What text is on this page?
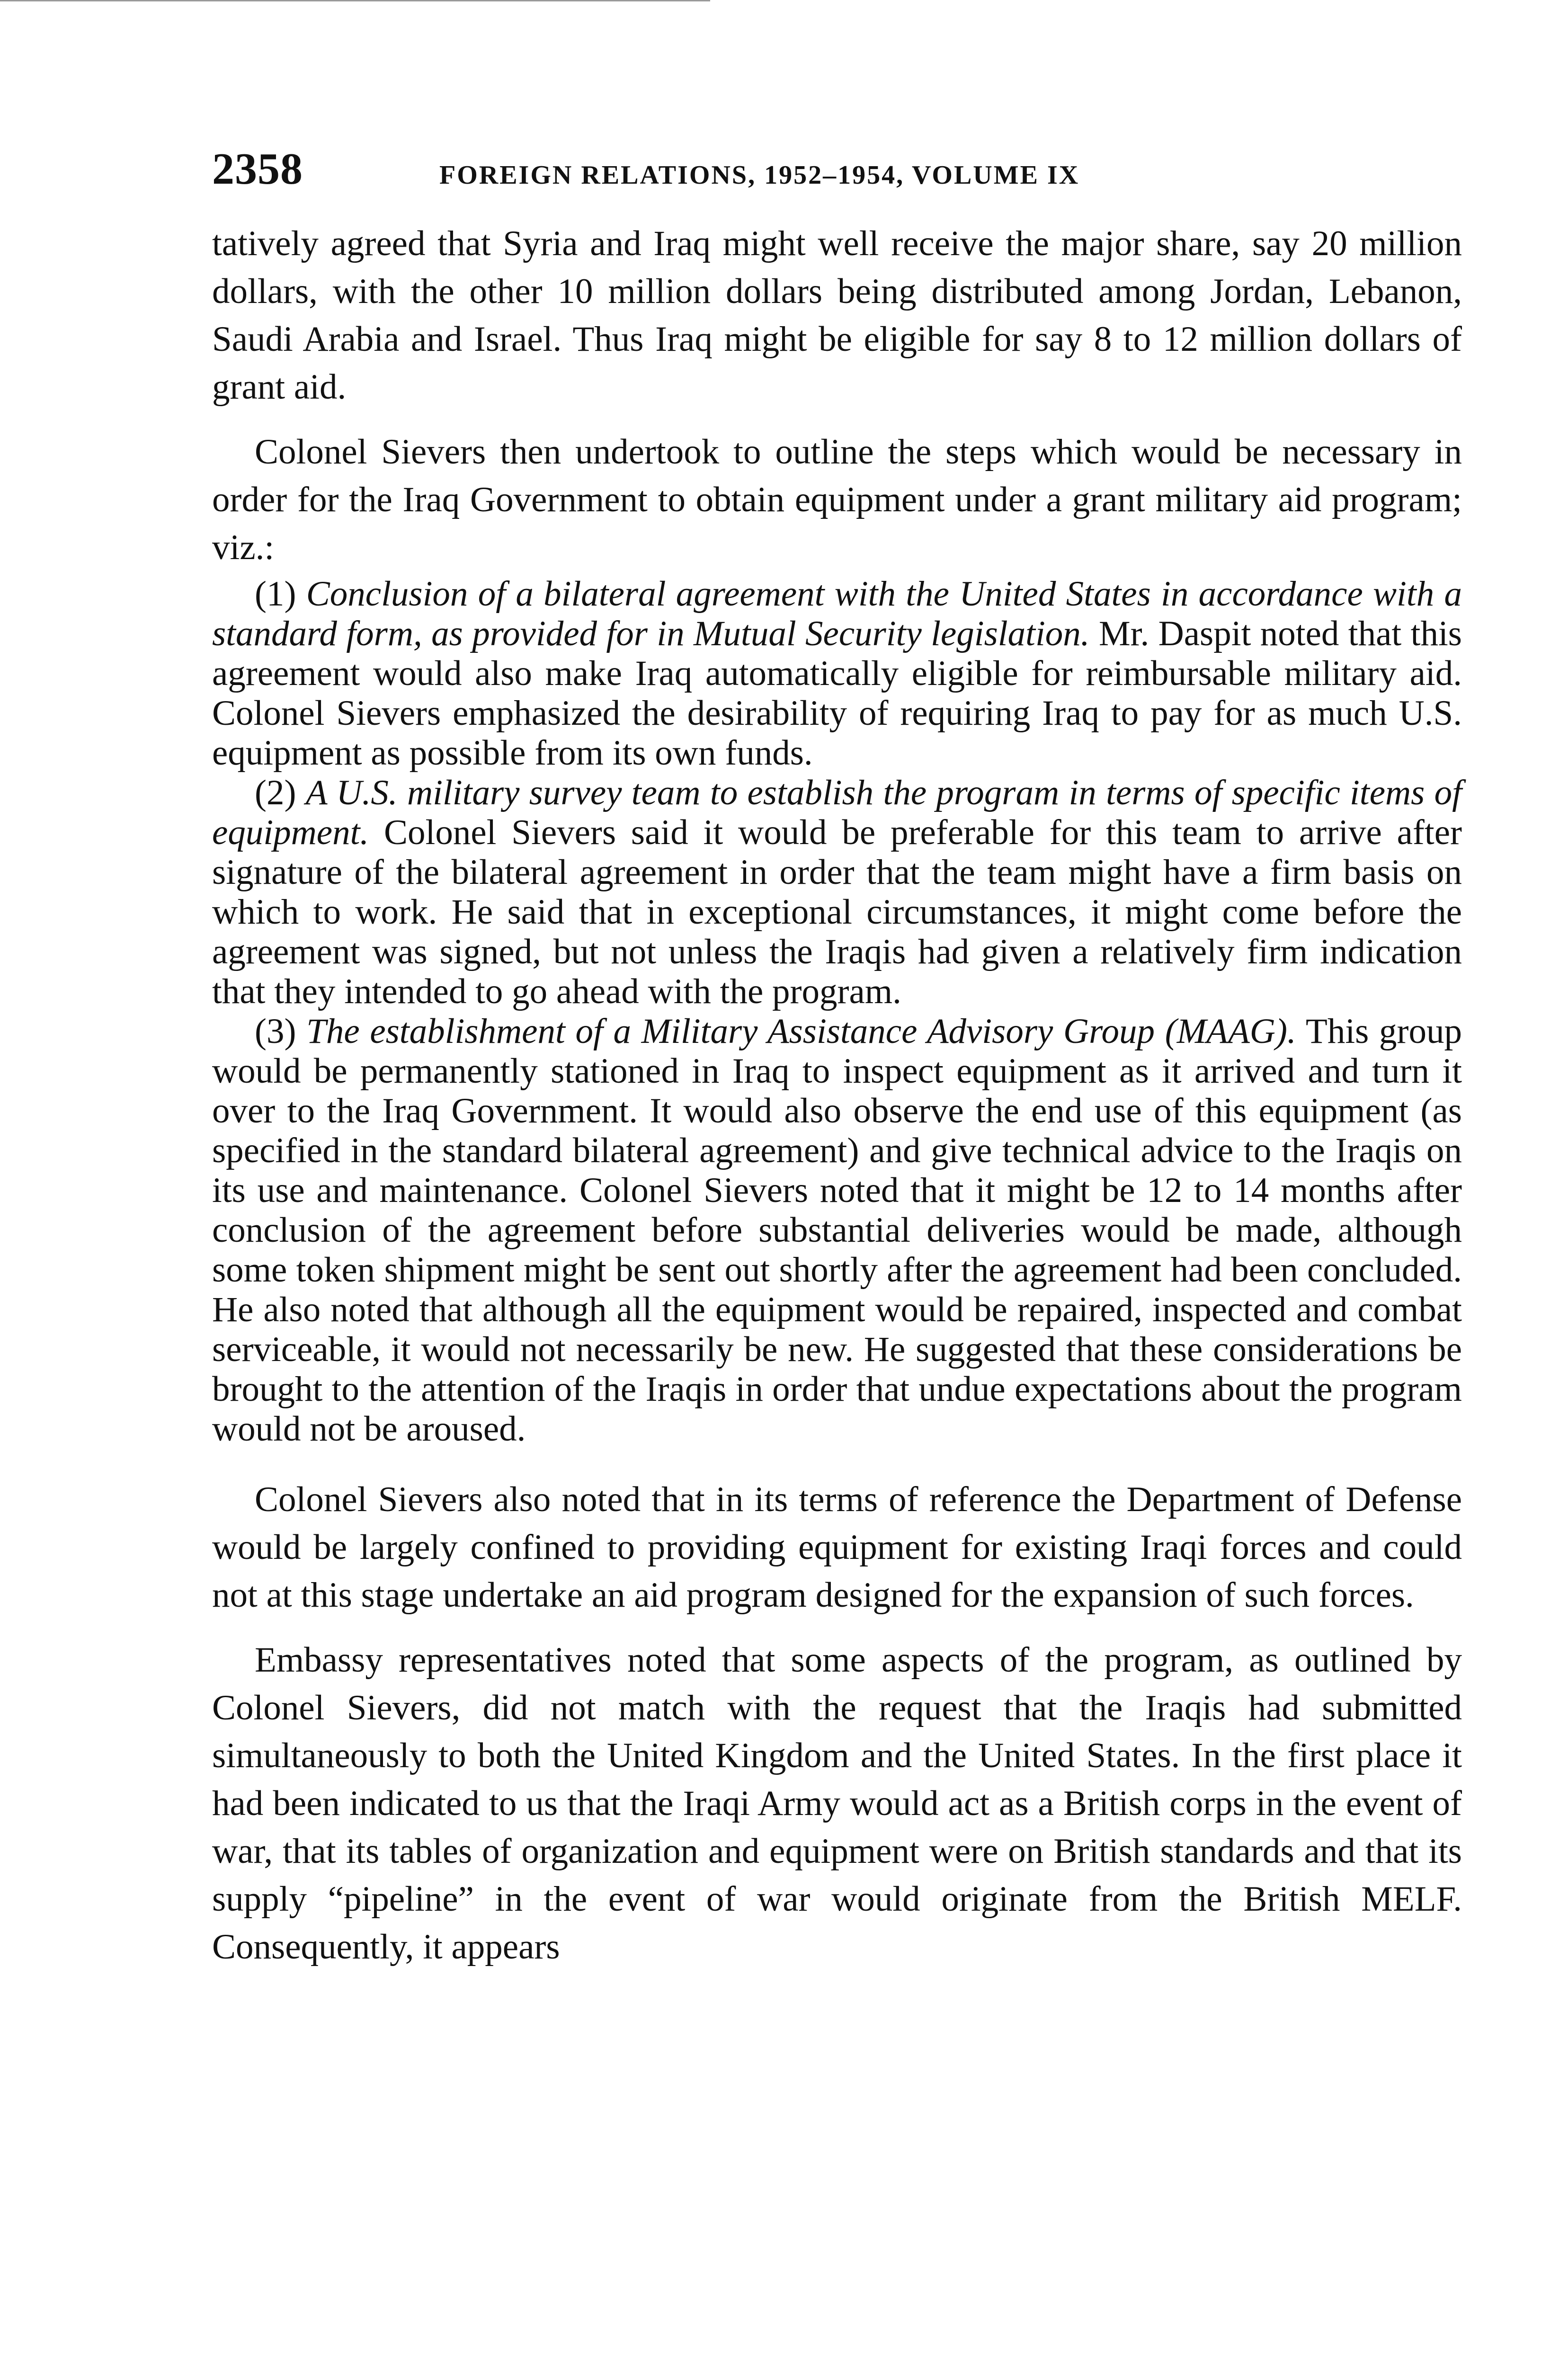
2358	FOREIGN RELATIONS, 1952–1954, VOLUME IX

tatively agreed that Syria and Iraq might well receive the major share, say 20 million dollars, with the other 10 million dollars being distributed among Jordan, Lebanon, Saudi Arabia and Israel. Thus Iraq might be eligible for say 8 to 12 million dollars of grant aid.

Colonel Sievers then undertook to outline the steps which would be necessary in order for the Iraq Government to obtain equipment under a grant military aid program; viz.:

(1) Conclusion of a bilateral agreement with the United States in accordance with a standard form, as provided for in Mutual Security legislation. Mr. Daspit noted that this agreement would also make Iraq automatically eligible for reimbursable military aid. Colonel Sievers emphasized the desirability of requiring Iraq to pay for as much U.S. equipment as possible from its own funds.

(2) A U.S. military survey team to establish the program in terms of specific items of equipment. Colonel Sievers said it would be preferable for this team to arrive after signature of the bilateral agreement in order that the team might have a firm basis on which to work. He said that in exceptional circumstances, it might come before the agreement was signed, but not unless the Iraqis had given a relatively firm indication that they intended to go ahead with the program.

(3) The establishment of a Military Assistance Advisory Group (MAAG). This group would be permanently stationed in Iraq to inspect equipment as it arrived and turn it over to the Iraq Government. It would also observe the end use of this equipment (as specified in the standard bilateral agreement) and give technical advice to the Iraqis on its use and maintenance. Colonel Sievers noted that it might be 12 to 14 months after conclusion of the agreement before substantial deliveries would be made, although some token shipment might be sent out shortly after the agreement had been concluded. He also noted that although all the equipment would be repaired, inspected and combat serviceable, it would not necessarily be new. He suggested that these considerations be brought to the attention of the Iraqis in order that undue expectations about the program would not be aroused.

Colonel Sievers also noted that in its terms of reference the Department of Defense would be largely confined to providing equipment for existing Iraqi forces and could not at this stage undertake an aid program designed for the expansion of such forces.

Embassy representatives noted that some aspects of the program, as outlined by Colonel Sievers, did not match with the request that the Iraqis had submitted simultaneously to both the United Kingdom and the United States. In the first place it had been indicated to us that the Iraqi Army would act as a British corps in the event of war, that its tables of organization and equipment were on British standards and that its supply “pipeline” in the event of war would originate from the British MELF. Consequently, it appears
